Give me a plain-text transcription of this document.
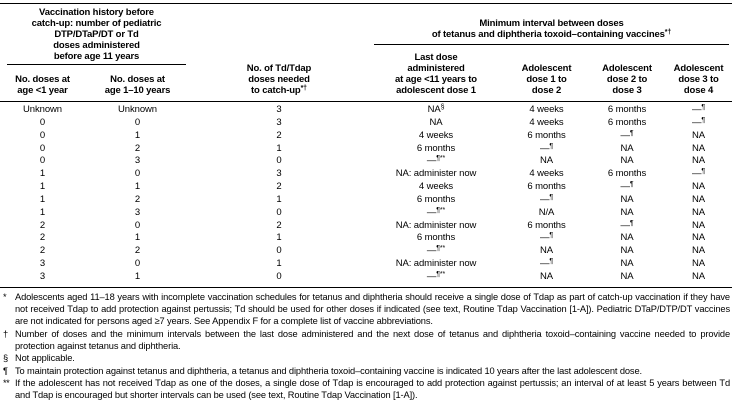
Vaccination history before
catch-up: number of pediatric
DTP/DTaP/DT or Td
doses administered
before age 11 years
No. doses at
age <1 year
No. doses at
age 1–10 years
No. of Td/Tdap
doses needed
to catch-up*†
Minimum interval between doses
of tetanus and diphtheria toxoid–containing vaccines*†
Last dose
administered
at age <11 years to
adolescent dose 1
Adolescent
dose 1 to
dose 2
Adolescent
dose 2 to
dose 3
Adolescent
dose 3 to
dose 4
Unknown	Unknown	3	NA§	4 weeks	6 months	—¶
0	0	3	NA	4 weeks	6 months	—¶
0	1	2	4 weeks	6 months	—¶	NA
0	2	1	6 months	—¶	NA	NA
0	3	0	—¶**	NA	NA	NA
1	0	3	NA: administer now	4 weeks	6 months	—¶
1	1	2	4 weeks	6 months	—¶	NA
1	2	1	6 months	—¶	NA	NA
1	3	0	—¶**	N/A	NA	NA
2	0	2	NA: administer now	6 months	—¶	NA
2	1	1	6 months	—¶	NA	NA
2	2	0	—¶**	NA	NA	NA
3	0	1	NA: administer now	—¶	NA	NA
3	1	0	—¶**	NA	NA	NA
* Adolescents aged 11–18 years with incomplete vaccination schedules for tetanus and diphtheria should receive a single dose of Tdap as part of catch-up vaccination if they have not received Tdap to add protection against pertussis; Td should be used for other doses if indicated (see text, Routine Tdap Vaccination [1-A]). Pediatric DTaP/DTP/DT vaccines are not indicated for persons aged ≥7 years. See Appendix F for a complete list of vaccine abbreviations.
† Number of doses and the minimum intervals between the last dose administered and the next dose of tetanus and diphtheria toxoid–containing vaccine needed to provide protection against tetanus and diphtheria.
§ Not applicable.
¶ To maintain protection against tetanus and diphtheria, a tetanus and diphtheria toxoid–containing vaccine is indicated 10 years after the last adolescent dose.
** If the adolescent has not received Tdap as one of the doses, a single dose of Tdap is encouraged to add protection against pertussis; an interval of at least 5 years between Td and Tdap is encouraged but shorter intervals can be used (see text, Routine Tdap Vaccination [1-A]).
